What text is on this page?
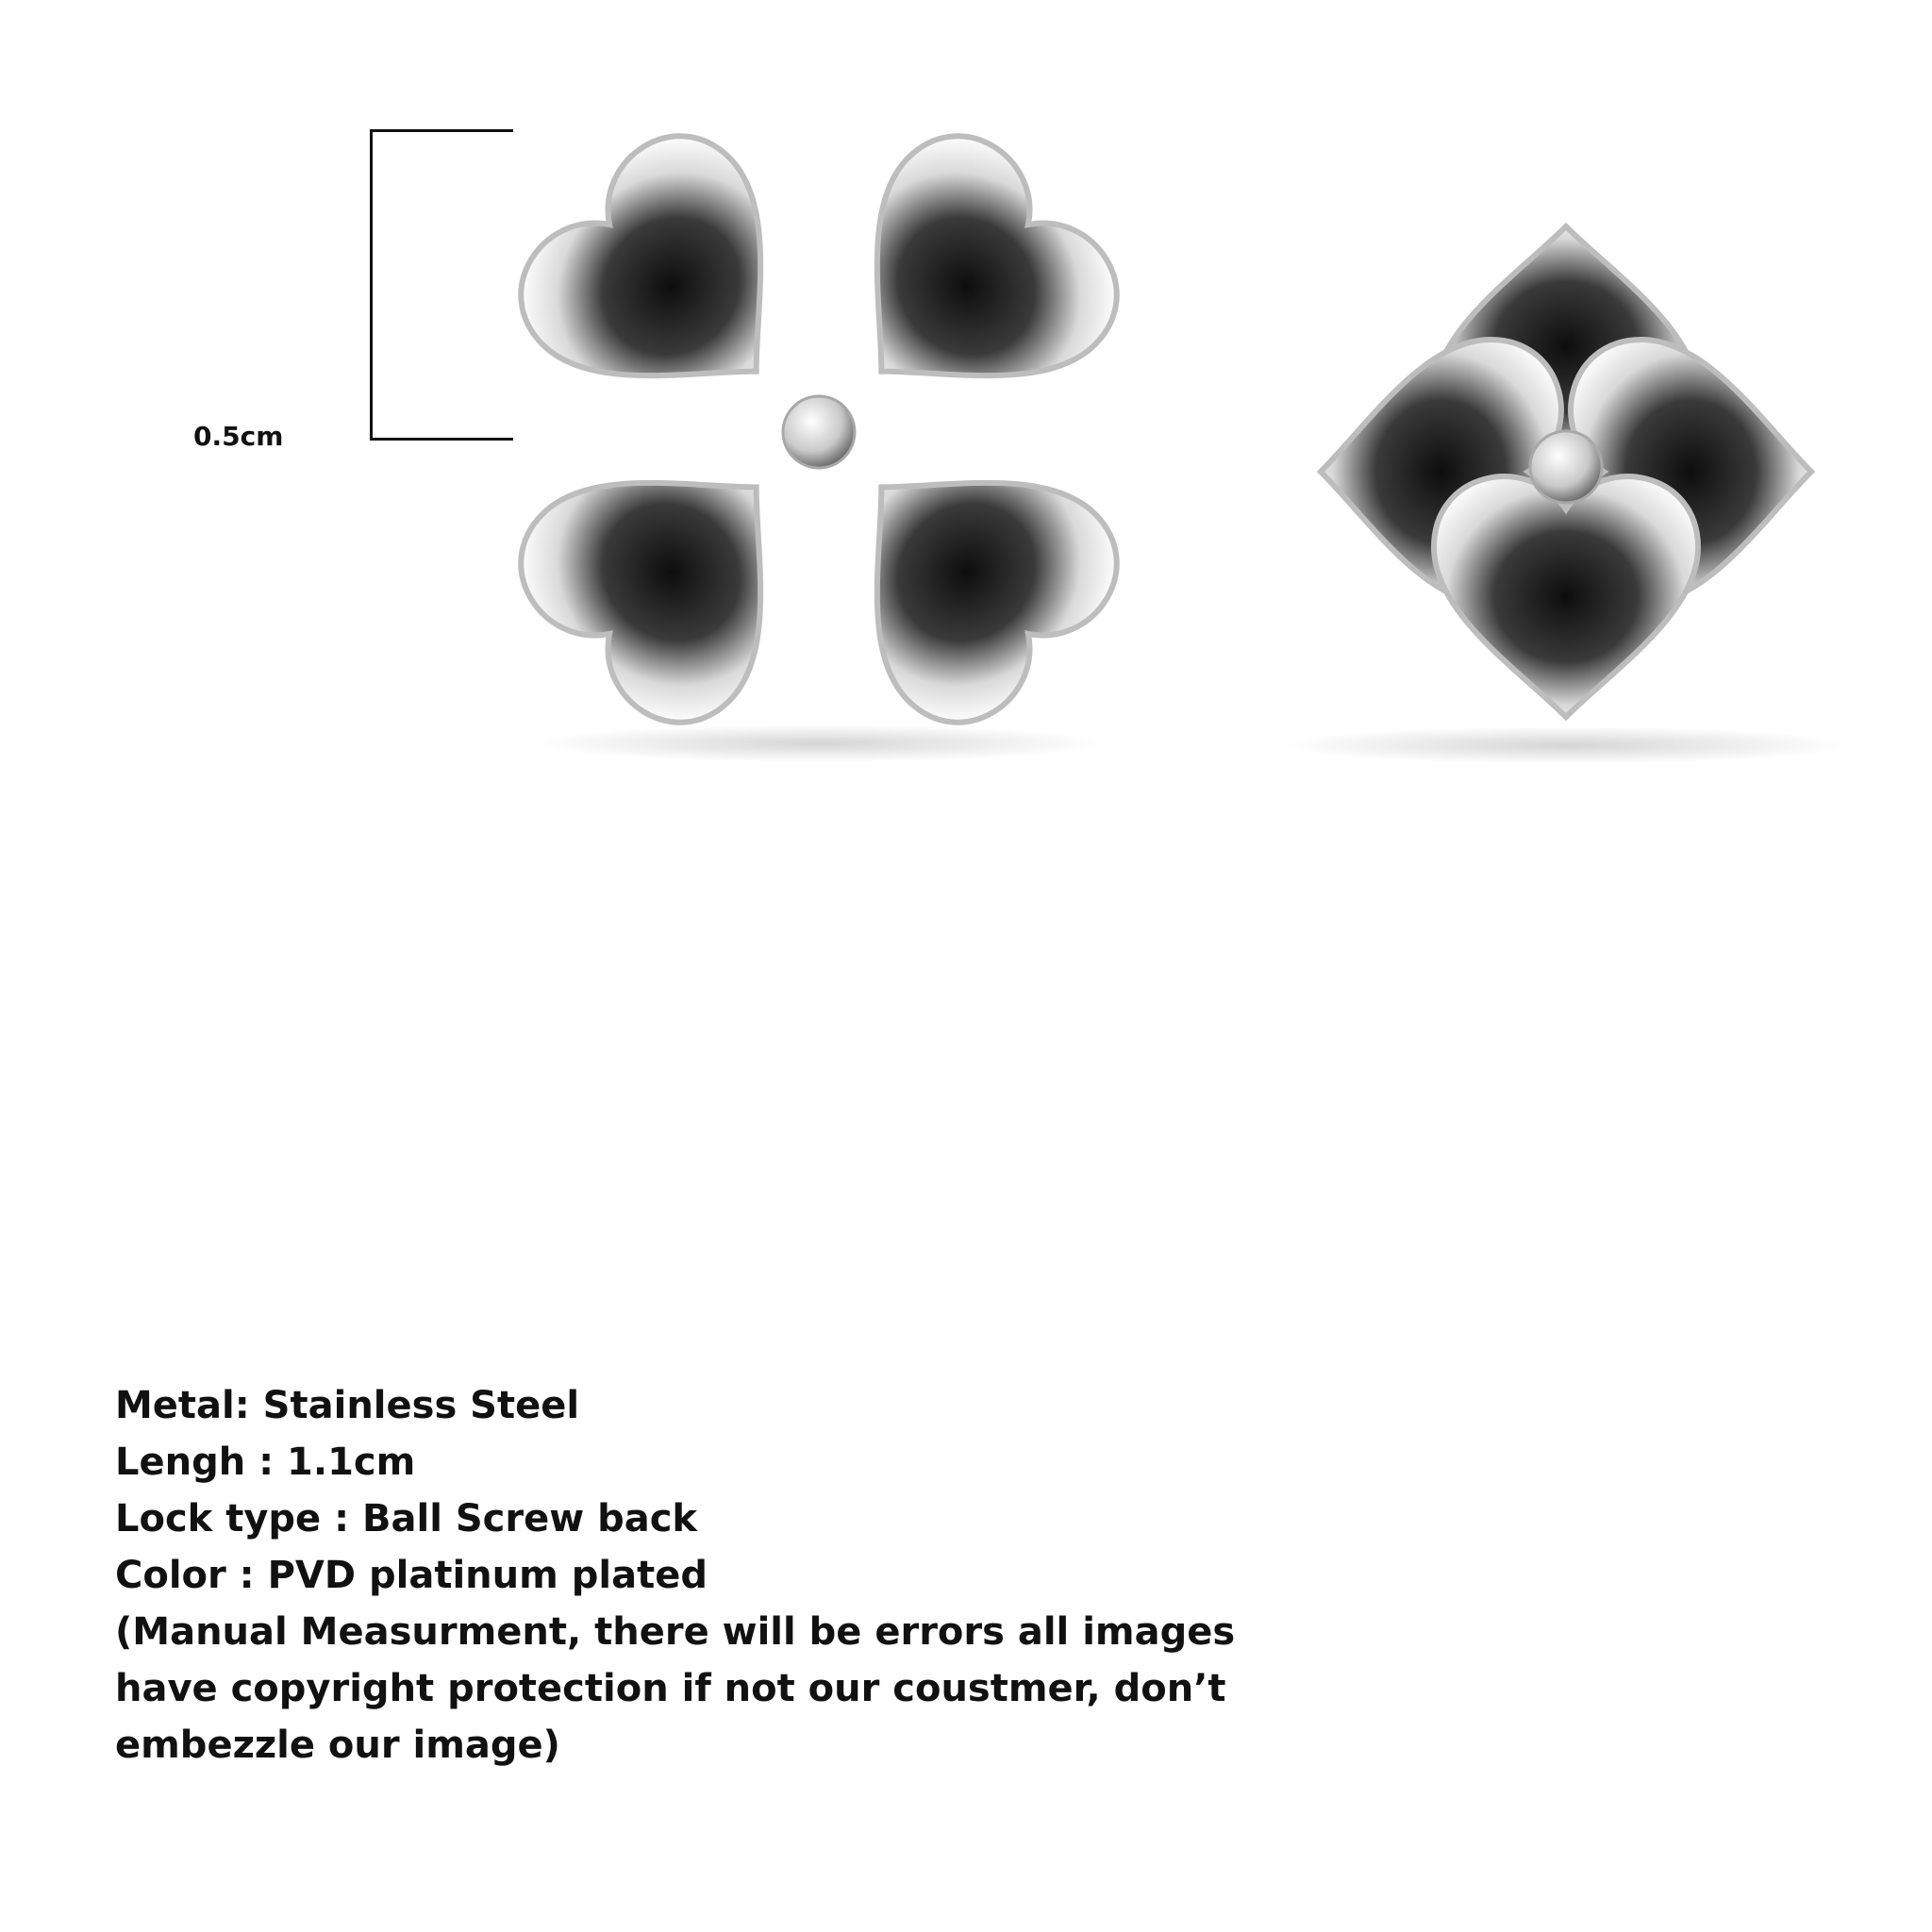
0.5cm
Metal: Stainless Steel
Lengh : 1.1cm
Lock type : Ball Screw back
Color : PVD platinum plated
(Manual Measurment, there will be errors all images have copyright protection if not our coustmer, don’t embezzle our image)
